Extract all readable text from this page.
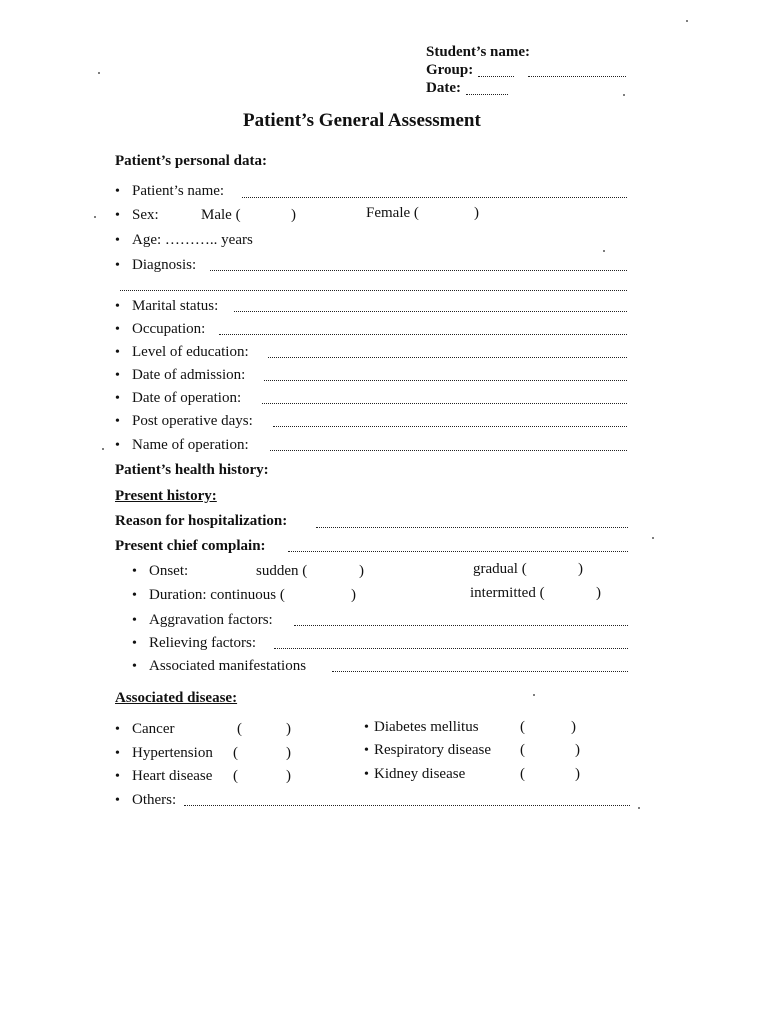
Student’s name:
Group:
Date:
Patient’s General Assessment
Patient’s personal data:
• Patient’s name:
• Sex:	Male (	)	Female (	)
• Age: ……….. years
• Diagnosis:
• Marital status:
• Occupation:
• Level of education:
• Date of admission:
• Date of operation:
• Post operative days:
• Name of operation:
Patient’s health history:
Present history:
Reason for hospitalization:
Present chief complain:
• Onset:	sudden (	)	gradual (	)
• Duration: continuous (	)	intermitted (	)
• Aggravation factors:
• Relieving factors:
• Associated manifestations
Associated disease:
• Cancer	(	)
• Hypertension (	)
• Heart disease (	)
• Others:
• Diabetes mellitus	(	)
• Respiratory disease (	)
• Kidney disease	(	)
